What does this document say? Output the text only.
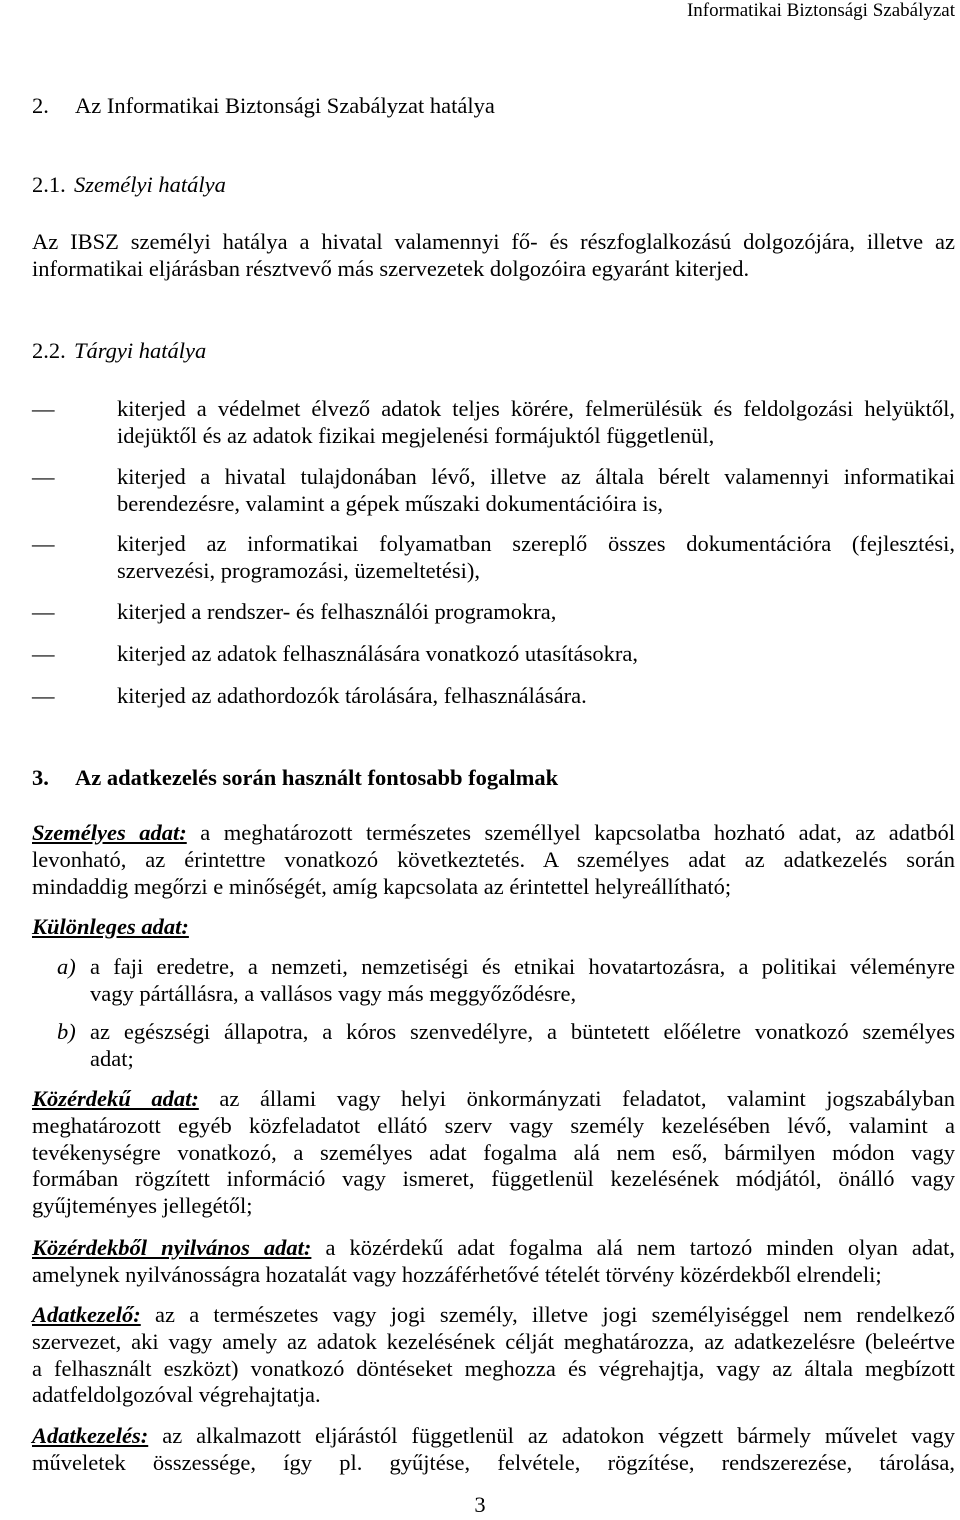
Informatikai Biztonsági Szabályzat
2. Az Informatikai Biztonsági Szabályzat hatálya
2.1. Személyi hatálya
Az IBSZ személyi hatálya a hivatal valamennyi fő- és részfoglalkozású dolgozójára, illetve az
informatikai eljárásban résztvevő más szervezetek dolgozóira egyaránt kiterjed.
2.2. Tárgyi hatálya
—	kiterjed a védelmet élvező adatok teljes körére, felmerülésük és feldolgozási helyüktől,
idejüktől és az adatok fizikai megjelenési formájuktól függetlenül,
—	kiterjed a hivatal tulajdonában lévő, illetve az általa bérelt valamennyi informatikai
berendezésre, valamint a gépek műszaki dokumentációira is,
—	kiterjed az informatikai folyamatban szereplő összes dokumentációra (fejlesztési,
szervezési, programozási, üzemeltetési),
—	kiterjed a rendszer- és felhasználói programokra,
—	kiterjed az adatok felhasználására vonatkozó utasításokra,
—	kiterjed az adathordozók tárolására, felhasználására.
3. Az adatkezelés során használt fontosabb fogalmak
Személyes adat: a meghatározott természetes személlyel kapcsolatba hozható adat, az adatból
levonható, az érintettre vonatkozó következtetés. A személyes adat az adatkezelés során
mindaddig megőrzi e minőségét, amíg kapcsolata az érintettel helyreállítható;
Különleges adat:
a) a faji eredetre, a nemzeti, nemzetiségi és etnikai hovatartozásra, a politikai véleményre
vagy pártállásra, a vallásos vagy más meggyőződésre,
b) az egészségi állapotra, a kóros szenvedélyre, a büntetett előéletre vonatkozó személyes
adat;
Közérdekű adat: az állami vagy helyi önkormányzati feladatot, valamint jogszabályban
meghatározott egyéb közfeladatot ellátó szerv vagy személy kezelésében lévő, valamint a
tevékenységre vonatkozó, a személyes adat fogalma alá nem eső, bármilyen módon vagy
formában rögzített információ vagy ismeret, függetlenül kezelésének módjától, önálló vagy
gyűjteményes jellegétől;
Közérdekből nyilvános adat: a közérdekű adat fogalma alá nem tartozó minden olyan adat,
amelynek nyilvánosságra hozatalát vagy hozzáférhetővé tételét törvény közérdekből elrendeli;
Adatkezelő: az a természetes vagy jogi személy, illetve jogi személyiséggel nem rendelkező
szervezet, aki vagy amely az adatok kezelésének célját meghatározza, az adatkezelésre (beleértve
a felhasznált eszközt) vonatkozó döntéseket meghozza és végrehajtja, vagy az általa megbízott
adatfeldolgozóval végrehajtatja.
Adatkezelés: az alkalmazott eljárástól függetlenül az adatokon végzett bármely művelet vagy
műveletek összessége, így pl. gyűjtése, felvétele, rögzítése, rendszerezése, tárolása,
3
